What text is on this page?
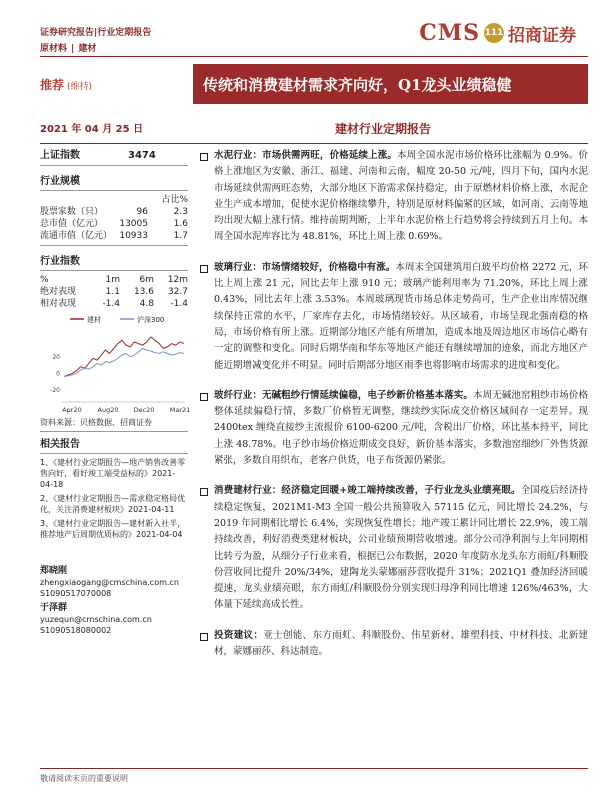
证券研究报告|行业定期报告
原材料 | 建材
CMS 111 招商证券
推荐 (维持)	传统和消费建材需求齐向好，Q1龙头业绩稳健
2021 年 04 月 25 日	建材行业定期报告
上证指数	3474
行业规模
占比%
股票家数（只）	96	2.3
总市值（亿元）	13005	1.6
流通市值（亿元） 10933	1.7
行业指数
%	1m	6m	12m
绝对表现	1.1	13.6	32.7
相对表现	-1.4	4.8	-1.4
建材	沪深300
20
0
-20
Apr20 Aug20 Dec20 Mar21
资料来源：贝格数据、招商证券
相关报告
1、《建材行业定期报告—地产销售改善零售向好，看好竣工端受益标的》2021-04-18
2、《建材行业定期报告—需求稳定格局优化，关注消费建材板块》2021-04-11
3、《建材行业定期报告—建材新入社半，推荐地产后周期优质标的》2021-04-04
郑晓刚
zhengxiaogang@cmschina.com.cn
S1090517070008
于泽群
yuzequn@cmschina.com.cn
S1090518080002
水泥行业：市场供需两旺，价格延续上涨。本周全国水泥市场价格环比涨幅为 0.9%。价格上涨地区为安徽、浙江、福建、河南和云南，幅度 20-50 元/吨，四月下旬，国内水泥市场延续供需两旺态势，大部分地区下游需求保持稳定，由于原燃材料价格上涨，水泥企业生产成本增加，促使水泥价格继续攀升，特别是原材料偏紧的区域，如河南、云南等地均出现大幅上涨行情。维持前期判断，上半年水泥价格上行趋势将会持续到五月上旬。本周全国水泥库容比为 48.81%，环比上周上涨 0.69%。
玻璃行业：市场情绪较好，价格稳中有涨。本周末全国建筑用白玻平均价格 2272 元，环比上周上涨 21 元，同比去年上涨 910 元；玻璃产能利用率为 71.20%，环比上周上涨 0.43%，同比去年上涨 3.53%。本周玻璃现货市场总体走势尚可，生产企业出库情况继续保持正常的水平，厂家库存去化，市场情绪较好。从区域看，市场呈现北强南稳的格局，市场价格有所上涨。近期部分地区产能有所增加，造成本地及周边地区市场信心略有一定的调整和变化。同时后期华南和华东等地区产能还有继续增加的迹象，而北方地区产能近期增减变化并不明显。同时后期部分地区雨季也将影响市场需求的进度和变化。
玻纤行业：无碱粗纱行情延续偏稳，电子纱新价格基本落实。本周无碱池窑粗纱市场价格整体延续偏稳行情，多数厂价格暂无调整，继续纱实际成交价格区域间存一定差异。现 2400tex 缠绕直接纱主流报价 6100-6200 元/吨，含税出厂价格，环比基本持平，同比上涨 48.78%。电子纱市场价格近期成交良好，新价基本落实，多数池窑细纱厂外售货源紧张，多数自用织布，老客户供货，电子布货源仍紧张。
消费建材行业：经济稳定回暖+竣工端持续改善，子行业龙头业绩亮眼。全国疫后经济持续稳定恢复，2021M1-M3 全国一般公共预算收入 57115 亿元，同比增长 24.2%，与 2019 年同期相比增长 6.4%，实现恢复性增长；地产竣工累计同比增长 22.9%，竣工端持续改善，利好消费类建材板块，公司业绩预期营收增速。部分公司净利润与上年同期相比转亏为盈，从细分子行业来看，根据已公布数据，2020 年度防水龙头东方雨虹/科顺股份营收同比提升 20%/34%，建陶龙头蒙娜丽莎营收提升 31%；2021Q1 叠加经济回暖提速，龙头业绩亮眼，东方雨虹/科顺股份分别实现归母净利同比增速 126%/463%，大体量下延续高成长性。
投资建议：亚士创能、东方雨虹、科顺股份、伟星新材、雄塑科技、中材科技、北新建材，蒙娜丽莎、科达制造。
敬请阅读末页的重要说明
